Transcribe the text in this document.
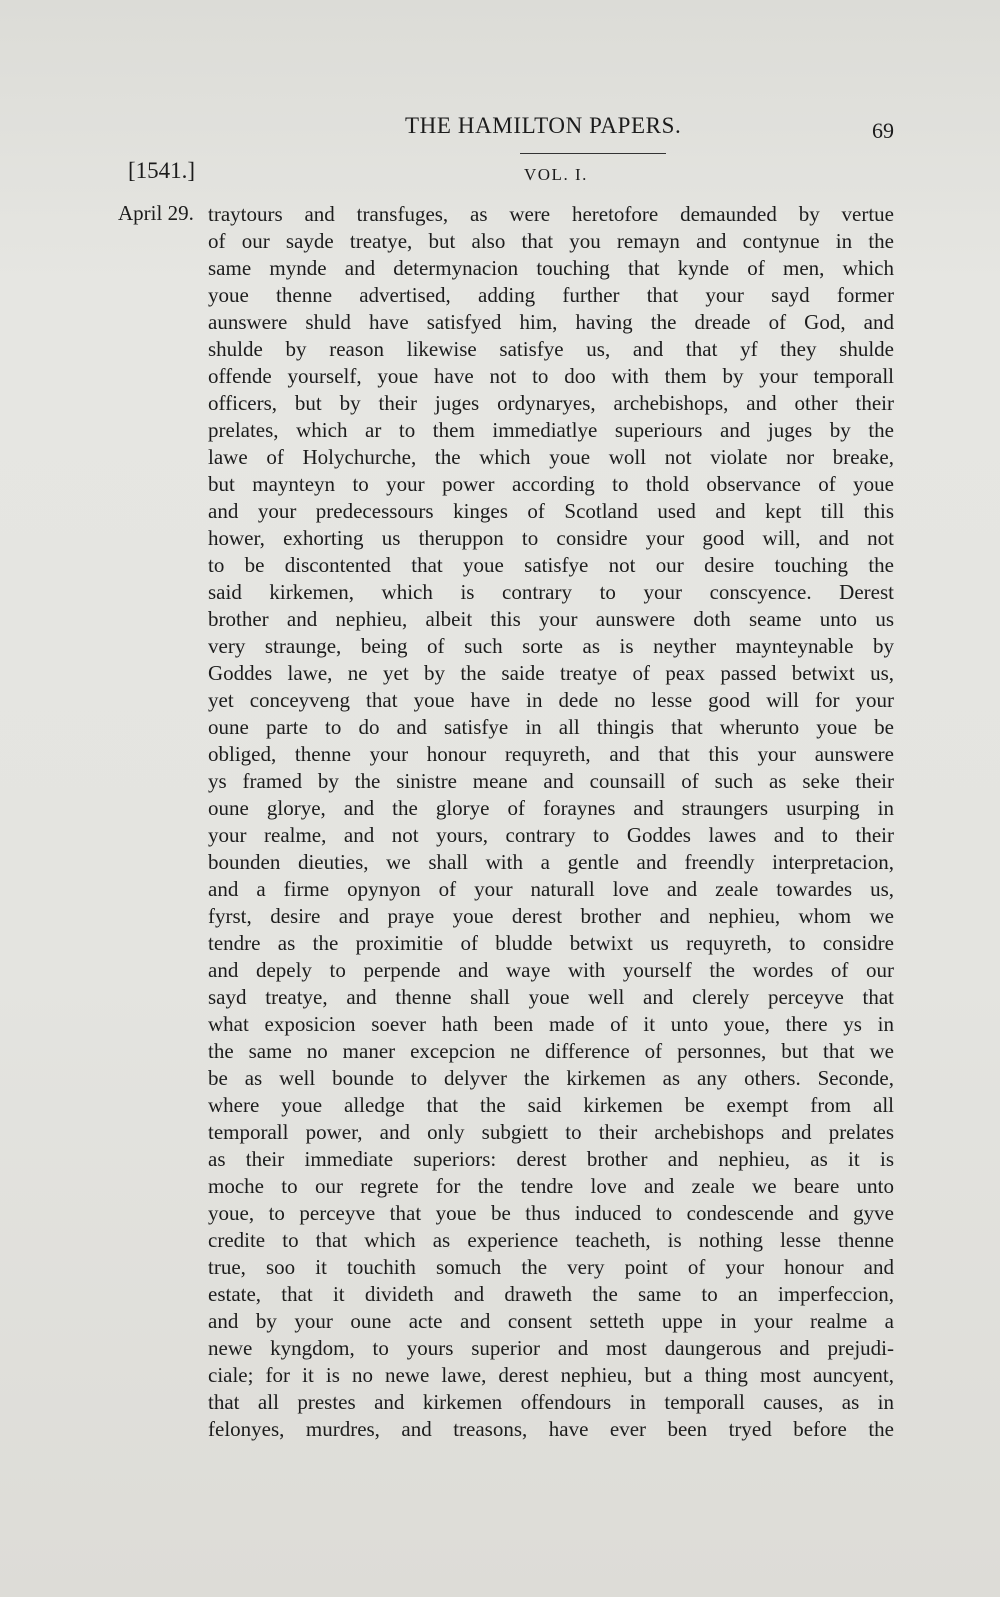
THE HAMILTON PAPERS.	69
[1541.]	VOL. I.
April 29. traytours and transfuges, as were heretofore demaunded by vertue
of our sayde treatye, but also that you remayn and contynue in the
same mynde and determynacion touching that kynde of men, which
youe thenne advertised, adding further that your sayd former
aunswere shuld have satisfyed him, having the dreade of God, and
shulde by reason likewise satisfye us, and that yf they shulde
offende yourself, youe have not to doo with them by your temporall
officers, but by their juges ordynaryes, archebishops, and other their
prelates, which ar to them immediatlye superiours and juges by the
lawe of Holychurche, the which youe woll not violate nor breake,
but maynteyn to your power according to thold observance of youe
and your predecessours kinges of Scotland used and kept till this
hower, exhorting us theruppon to considre your good will, and not
to be discontented that youe satisfye not our desire touching the
said kirkemen, which is contrary to your conscyence. Derest
brother and nephieu, albeit this your aunswere doth seame unto us
very straunge, being of such sorte as is neyther maynteynable by
Goddes lawe, ne yet by the saide treatye of peax passed betwixt us,
yet conceyveng that youe have in dede no lesse good will for your
oune parte to do and satisfye in all thingis that wherunto youe be
obliged, thenne your honour requyreth, and that this your aunswere
ys framed by the sinistre meane and counsaill of such as seke their
oune glorye, and the glorye of foraynes and straungers usurping in
your realme, and not yours, contrary to Goddes lawes and to their
bounden dieuties, we shall with a gentle and freendly interpretacion,
and a firme opynyon of your naturall love and zeale towardes us,
fyrst, desire and praye youe derest brother and nephieu, whom we
tendre as the proximitie of bludde betwixt us requyreth, to considre
and depely to perpende and waye with yourself the wordes of our
sayd treatye, and thenne shall youe well and clerely perceyve that
what exposicion soever hath been made of it unto youe, there ys in
the same no maner excepcion ne difference of personnes, but that we
be as well bounde to delyver the kirkemen as any others. Seconde,
where youe alledge that the said kirkemen be exempt from all
temporall power, and only subgiett to their archebishops and prelates
as their immediate superiors: derest brother and nephieu, as it is
moche to our regrete for the tendre love and zeale we beare unto
youe, to perceyve that youe be thus induced to condescende and gyve
credite to that which as experience teacheth, is nothing lesse thenne
true, soo it touchith somuch the very point of your honour and
estate, that it divideth and draweth the same to an imperfeccion,
and by your oune acte and consent setteth uppe in your realme a
newe kyngdom, to yours superior and most daungerous and prejudi-
ciale; for it is no newe lawe, derest nephieu, but a thing most auncyent,
that all prestes and kirkemen offendours in temporall causes, as in
felonyes, murdres, and treasons, have ever been tryed before the
